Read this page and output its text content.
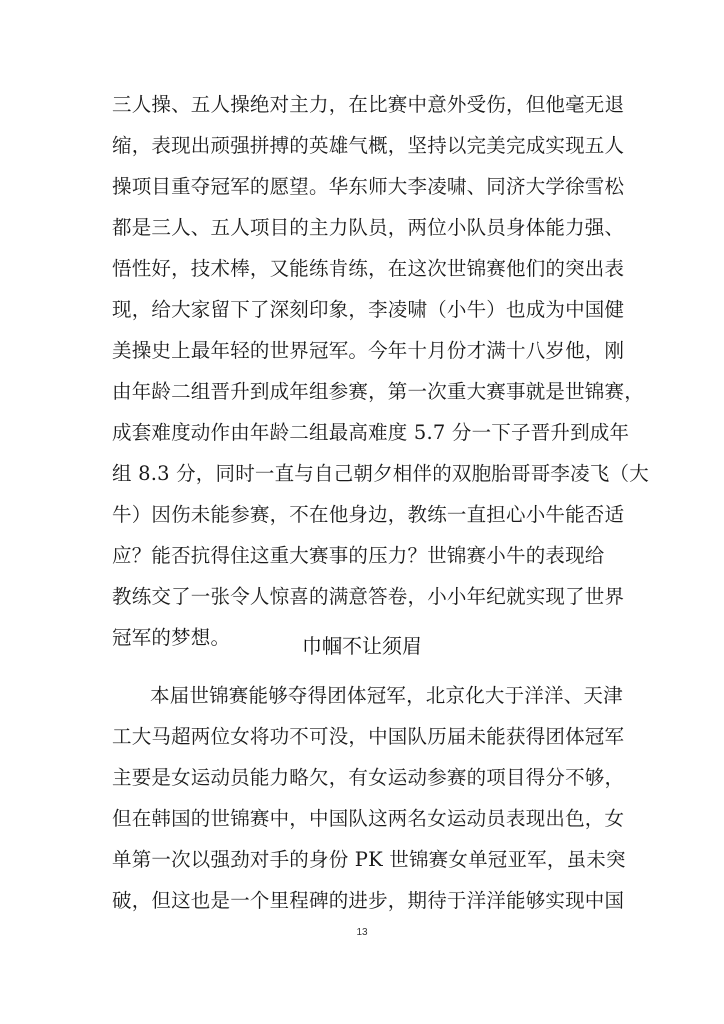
三人操、五人操绝对主力，在比赛中意外受伤，但他毫无退
缩，表现出顽强拼搏的英雄气概，坚持以完美完成实现五人
操项目重夺冠军的愿望。华东师大李凌啸、同济大学徐雪松
都是三人、五人项目的主力队员，两位小队员身体能力强、
悟性好，技术棒，又能练肯练，在这次世锦赛他们的突出表
现，给大家留下了深刻印象，李凌啸（小牛）也成为中国健
美操史上最年轻的世界冠军。今年十月份才满十八岁他，刚
由年龄二组晋升到成年组参赛，第一次重大赛事就是世锦赛，
成套难度动作由年龄二组最高难度 5.7 分一下子晋升到成年
组 8.3 分，同时一直与自己朝夕相伴的双胞胎哥哥李凌飞（大
牛）因伤未能参赛，不在他身边，教练一直担心小牛能否适
应？能否抗得住这重大赛事的压力？世锦赛小牛的表现给
教练交了一张令人惊喜的满意答卷，小小年纪就实现了世界
冠军的梦想。	巾帼不让须眉
本届世锦赛能够夺得团体冠军，北京化大于洋洋、天津
工大马超两位女将功不可没，中国队历届未能获得团体冠军
主要是女运动员能力略欠，有女运动参赛的项目得分不够，
但在韩国的世锦赛中，中国队这两名女运动员表现出色，女
单第一次以强劲对手的身份 PK 世锦赛女单冠亚军，虽未突
破，但这也是一个里程碑的进步，期待于洋洋能够实现中国
13
